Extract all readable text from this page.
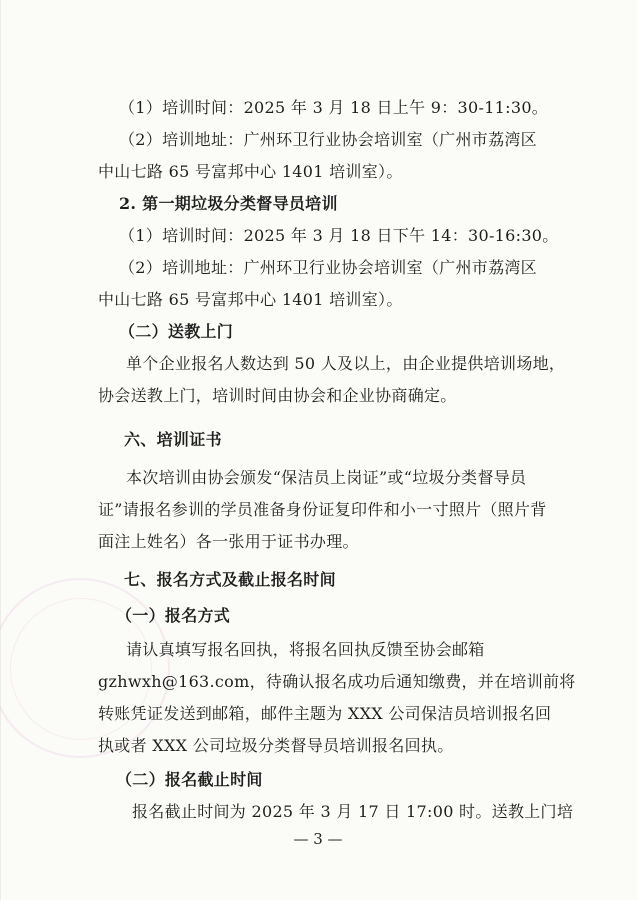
（1）培训时间：2025 年 3 月 18 日上午 9：30-11:30。
（2）培训地址：广州环卫行业协会培训室（广州市荔湾区
中山七路 65 号富邦中心 1401 培训室）。
2. 第一期垃圾分类督导员培训
（1）培训时间：2025 年 3 月 18 日下午 14：30-16:30。
（2）培训地址：广州环卫行业协会培训室（广州市荔湾区
中山七路 65 号富邦中心 1401 培训室）。
（二）送教上门
单个企业报名人数达到 50 人及以上，由企业提供培训场地，
协会送教上门，培训时间由协会和企业协商确定。
六、培训证书
本次培训由协会颁发“保洁员上岗证”或“垃圾分类督导员
证”请报名参训的学员准备身份证复印件和小一寸照片（照片背
面注上姓名）各一张用于证书办理。
七、报名方式及截止报名时间
（一）报名方式
请认真填写报名回执，将报名回执反馈至协会邮箱
gzhwxh@163.com，待确认报名成功后通知缴费，并在培训前将
转账凭证发送到邮箱，邮件主题为 XXX 公司保洁员培训报名回
执或者 XXX 公司垃圾分类督导员培训报名回执。
（二）报名截止时间
报名截止时间为 2025 年 3 月 17 日 17:00 时。送教上门培
— 3 —
